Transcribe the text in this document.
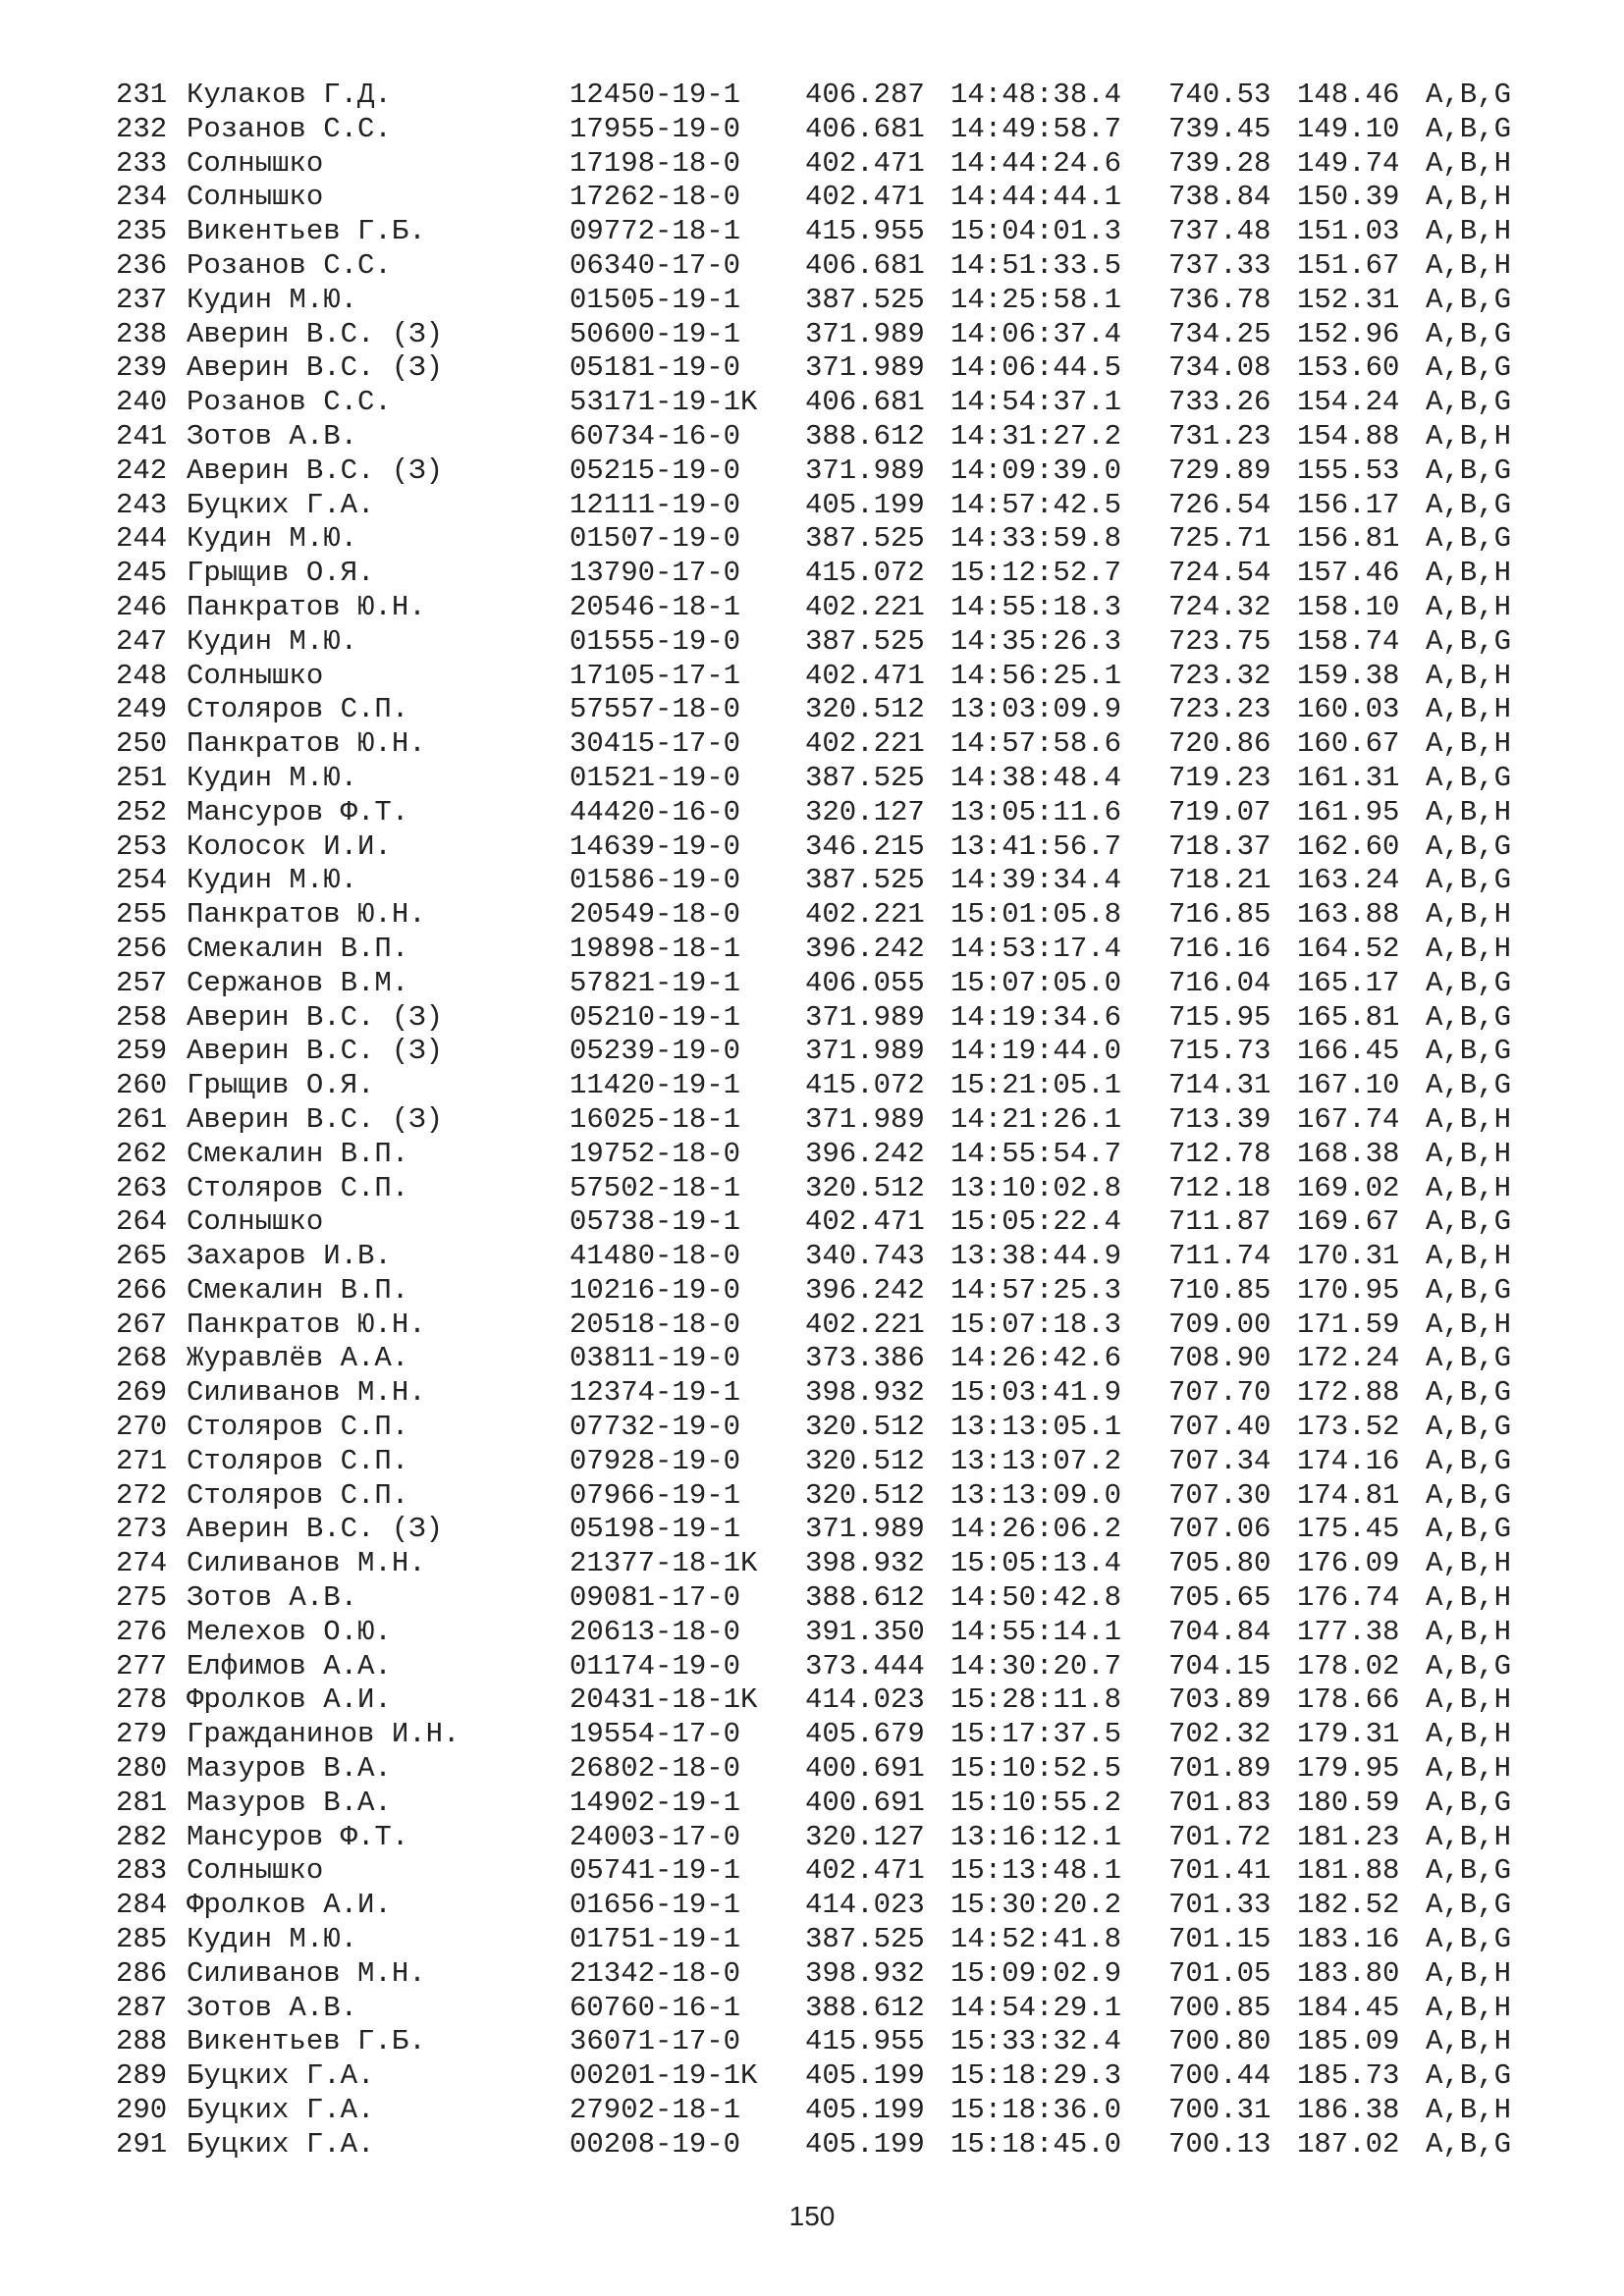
231 Кулаков Г.Д.	12450-19-1	406.287 14:48:38.4	740.53 148.46 A,B,G
232 Розанов С.С.	17955-19-0	406.681 14:49:58.7	739.45 149.10 A,B,G
233 Солнышко	17198-18-0	402.471 14:44:24.6	739.28 149.74 A,B,H
234 Солнышко	17262-18-0	402.471 14:44:44.1	738.84 150.39 A,B,H
235 Викентьев Г.Б.	09772-18-1	415.955 15:04:01.3	737.48 151.03 A,B,H
236 Розанов С.С.	06340-17-0	406.681 14:51:33.5	737.33 151.67 A,B,H
237 Кудин М.Ю.	01505-19-1	387.525 14:25:58.1	736.78 152.31 A,B,G
238 Аверин В.С. (З)	50600-19-1	371.989 14:06:37.4	734.25 152.96 A,B,G
239 Аверин В.С. (З)	05181-19-0	371.989 14:06:44.5	734.08 153.60 A,B,G
240 Розанов С.С.	53171-19-1K	406.681 14:54:37.1	733.26 154.24 A,B,G
241 Зотов А.В.	60734-16-0	388.612 14:31:27.2	731.23 154.88 A,B,H
242 Аверин В.С. (З)	05215-19-0	371.989 14:09:39.0	729.89 155.53 A,B,G
243 Буцких Г.А.	12111-19-0	405.199 14:57:42.5	726.54 156.17 A,B,G
244 Кудин М.Ю.	01507-19-0	387.525 14:33:59.8	725.71 156.81 A,B,G
245 Грыщив О.Я.	13790-17-0	415.072 15:12:52.7	724.54 157.46 A,B,H
246 Панкратов Ю.Н.	20546-18-1	402.221 14:55:18.3	724.32 158.10 A,B,H
247 Кудин М.Ю.	01555-19-0	387.525 14:35:26.3	723.75 158.74 A,B,G
248 Солнышко	17105-17-1	402.471 14:56:25.1	723.32 159.38 A,B,H
249 Столяров С.П.	57557-18-0	320.512 13:03:09.9	723.23 160.03 A,B,H
250 Панкратов Ю.Н.	30415-17-0	402.221 14:57:58.6	720.86 160.67 A,B,H
251 Кудин М.Ю.	01521-19-0	387.525 14:38:48.4	719.23 161.31 A,B,G
252 Мансуров Ф.Т.	44420-16-0	320.127 13:05:11.6	719.07 161.95 A,B,H
253 Колосок И.И.	14639-19-0	346.215 13:41:56.7	718.37 162.60 A,B,G
254 Кудин М.Ю.	01586-19-0	387.525 14:39:34.4	718.21 163.24 A,B,G
255 Панкратов Ю.Н.	20549-18-0	402.221 15:01:05.8	716.85 163.88 A,B,H
256 Смекалин В.П.	19898-18-1	396.242 14:53:17.4	716.16 164.52 A,B,H
257 Сержанов В.М.	57821-19-1	406.055 15:07:05.0	716.04 165.17 A,B,G
258 Аверин В.С. (З)	05210-19-1	371.989 14:19:34.6	715.95 165.81 A,B,G
259 Аверин В.С. (З)	05239-19-0	371.989 14:19:44.0	715.73 166.45 A,B,G
260 Грыщив О.Я.	11420-19-1	415.072 15:21:05.1	714.31 167.10 A,B,G
261 Аверин В.С. (З)	16025-18-1	371.989 14:21:26.1	713.39 167.74 A,B,H
262 Смекалин В.П.	19752-18-0	396.242 14:55:54.7	712.78 168.38 A,B,H
263 Столяров С.П.	57502-18-1	320.512 13:10:02.8	712.18 169.02 A,B,H
264 Солнышко	05738-19-1	402.471 15:05:22.4	711.87 169.67 A,B,G
265 Захаров И.В.	41480-18-0	340.743 13:38:44.9	711.74 170.31 A,B,H
266 Смекалин В.П.	10216-19-0	396.242 14:57:25.3	710.85 170.95 A,B,G
267 Панкратов Ю.Н.	20518-18-0	402.221 15:07:18.3	709.00 171.59 A,B,H
268 Журавлёв А.А.	03811-19-0	373.386 14:26:42.6	708.90 172.24 A,B,G
269 Силиванов М.Н.	12374-19-1	398.932 15:03:41.9	707.70 172.88 A,B,G
270 Столяров С.П.	07732-19-0	320.512 13:13:05.1	707.40 173.52 A,B,G
271 Столяров С.П.	07928-19-0	320.512 13:13:07.2	707.34 174.16 A,B,G
272 Столяров С.П.	07966-19-1	320.512 13:13:09.0	707.30 174.81 A,B,G
273 Аверин В.С. (З)	05198-19-1	371.989 14:26:06.2	707.06 175.45 A,B,G
274 Силиванов М.Н.	21377-18-1K	398.932 15:05:13.4	705.80 176.09 A,B,H
275 Зотов А.В.	09081-17-0	388.612 14:50:42.8	705.65 176.74 A,B,H
276 Мелехов О.Ю.	20613-18-0	391.350 14:55:14.1	704.84 177.38 A,B,H
277 Елфимов А.А.	01174-19-0	373.444 14:30:20.7	704.15 178.02 A,B,G
278 Фролков А.И.	20431-18-1K	414.023 15:28:11.8	703.89 178.66 A,B,H
279 Гражданинов И.Н.	19554-17-0	405.679 15:17:37.5	702.32 179.31 A,B,H
280 Мазуров В.А.	26802-18-0	400.691 15:10:52.5	701.89 179.95 A,B,H
281 Мазуров В.А.	14902-19-1	400.691 15:10:55.2	701.83 180.59 A,B,G
282 Мансуров Ф.Т.	24003-17-0	320.127 13:16:12.1	701.72 181.23 A,B,H
283 Солнышко	05741-19-1	402.471 15:13:48.1	701.41 181.88 A,B,G
284 Фролков А.И.	01656-19-1	414.023 15:30:20.2	701.33 182.52 A,B,G
285 Кудин М.Ю.	01751-19-1	387.525 14:52:41.8	701.15 183.16 A,B,G
286 Силиванов М.Н.	21342-18-0	398.932 15:09:02.9	701.05 183.80 A,B,H
287 Зотов А.В.	60760-16-1	388.612 14:54:29.1	700.85 184.45 A,B,H
288 Викентьев Г.Б.	36071-17-0	415.955 15:33:32.4	700.80 185.09 A,B,H
289 Буцких Г.А.	00201-19-1K	405.199 15:18:29.3	700.44 185.73 A,B,G
290 Буцких Г.А.	27902-18-1	405.199 15:18:36.0	700.31 186.38 A,B,H
291 Буцких Г.А.	00208-19-0	405.199 15:18:45.0	700.13 187.02 A,B,G
150
